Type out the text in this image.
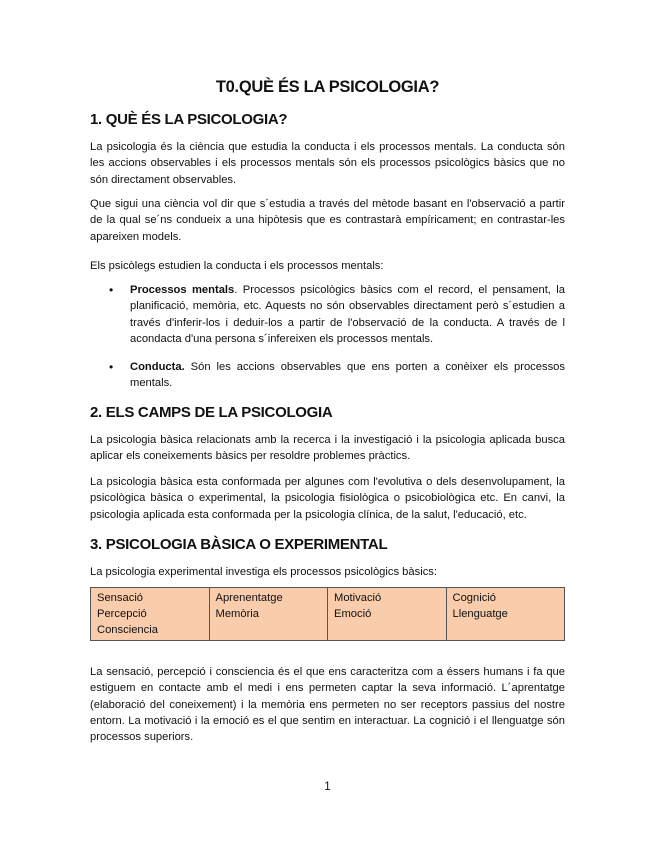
T0.QUÈ ÉS LA PSICOLOGIA?
1. QUÈ ÉS LA PSICOLOGIA?

La psicologia és la ciència que estudia la conducta i els processos mentals. La conducta són les accions observables i els processos mentals són els processos psicològics bàsics que no són directament observables.

Que sigui una ciència vol dir que s´estudia a través del mètode basant en l'observació a partir de la qual se´ns condueix a una hipòtesis que es contrastarà empíricament; en contrastar-les apareixen models.

Els psicòlegs estudien la conducta i els processos mentals:

• Processos mentals. Processos psicològics bàsics com el record, el pensament, la planificació, memòria, etc. Aquests no són observables directament però s´estudien a través d'inferir-los i deduir-los a partir de l'observació de la conducta. A través de l acondacta d'una persona s´infereixen els processos mentals.

• Conducta. Són les accions observables que ens porten a conèixer els processos mentals.

2. ELS CAMPS DE LA PSICOLOGIA

La psicologia bàsica relacionats amb la recerca i la investigació i la psicologia aplicada busca aplicar els coneixements bàsics per resoldre problemes pràctics.

La psicologia bàsica esta conformada per algunes com l'evolutiva o dels desenvolupament, la psicològica bàsica o experimental, la psicologia fisiològica o psicobiològica etc. En canvi, la psicologia aplicada esta conformada per la psicologia clínica, de la salut, l'educació, etc.

3. PSICOLOGIA BÀSICA O EXPERIMENTAL

La psicologia experimental investiga els processos psicològics bàsics:

Sensació
Percepció
Consciencia

Aprenentatge
Memòria

Motivació
Emoció

Cognició
Llenguatge

La sensació, percepció i consciencia és el que ens caracteritza com a éssers humans i fa que estiguem en contacte amb el medi i ens permeten captar la seva informació. L´aprentatge (elaboració del coneixement) i la memòria ens permeten no ser receptors passius del nostre entorn. La motivació i la emoció es el que sentim en interactuar. La cognició i el llenguatge són processos superiors.

1
